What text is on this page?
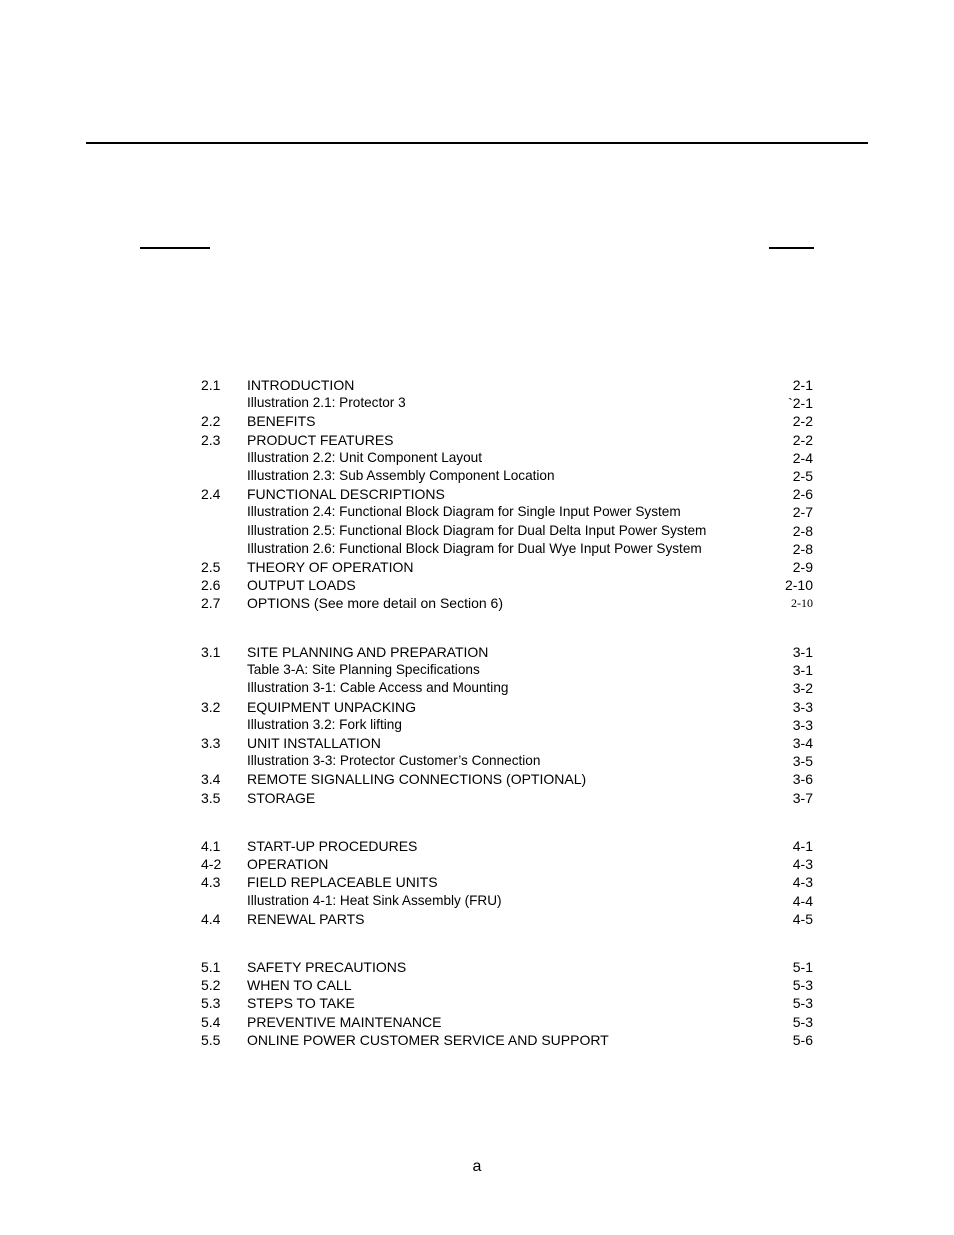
2.1 INTRODUCTION	2-1
Illustration 2.1: Protector 3	`2-1
2.2 BENEFITS	2-2
2.3 PRODUCT FEATURES	2-2
Illustration 2.2: Unit Component Layout	2-4
Illustration 2.3: Sub Assembly Component Location	2-5
2.4 FUNCTIONAL DESCRIPTIONS	2-6
Illustration 2.4: Functional Block Diagram for Single Input Power System	2-7
Illustration 2.5: Functional Block Diagram for Dual Delta Input Power System	2-8
Illustration 2.6: Functional Block Diagram for Dual Wye Input Power System	2-8
2.5 THEORY OF OPERATION	2-9
2.6 OUTPUT LOADS	2-10
2.7 OPTIONS (See more detail on Section 6)	2-10
3.1 SITE PLANNING AND PREPARATION	3-1
Table 3-A: Site Planning Specifications	3-1
Illustration 3-1: Cable Access and Mounting	3-2
3.2 EQUIPMENT UNPACKING	3-3
Illustration 3.2: Fork lifting	3-3
3.3 UNIT INSTALLATION	3-4
Illustration 3-3: Protector Customer’s Connection	3-5
3.4 REMOTE SIGNALLING CONNECTIONS (OPTIONAL)	3-6
3.5 STORAGE	3-7
4.1 START-UP PROCEDURES	4-1
4-2 OPERATION	4-3
4.3 FIELD REPLACEABLE UNITS	4-3
Illustration 4-1: Heat Sink Assembly (FRU)	4-4
4.4 RENEWAL PARTS	4-5
5.1 SAFETY PRECAUTIONS	5-1
5.2 WHEN TO CALL	5-3
5.3 STEPS TO TAKE	5-3
5.4 PREVENTIVE MAINTENANCE	5-3
5.5 ONLINE POWER CUSTOMER SERVICE AND SUPPORT	5-6
a
